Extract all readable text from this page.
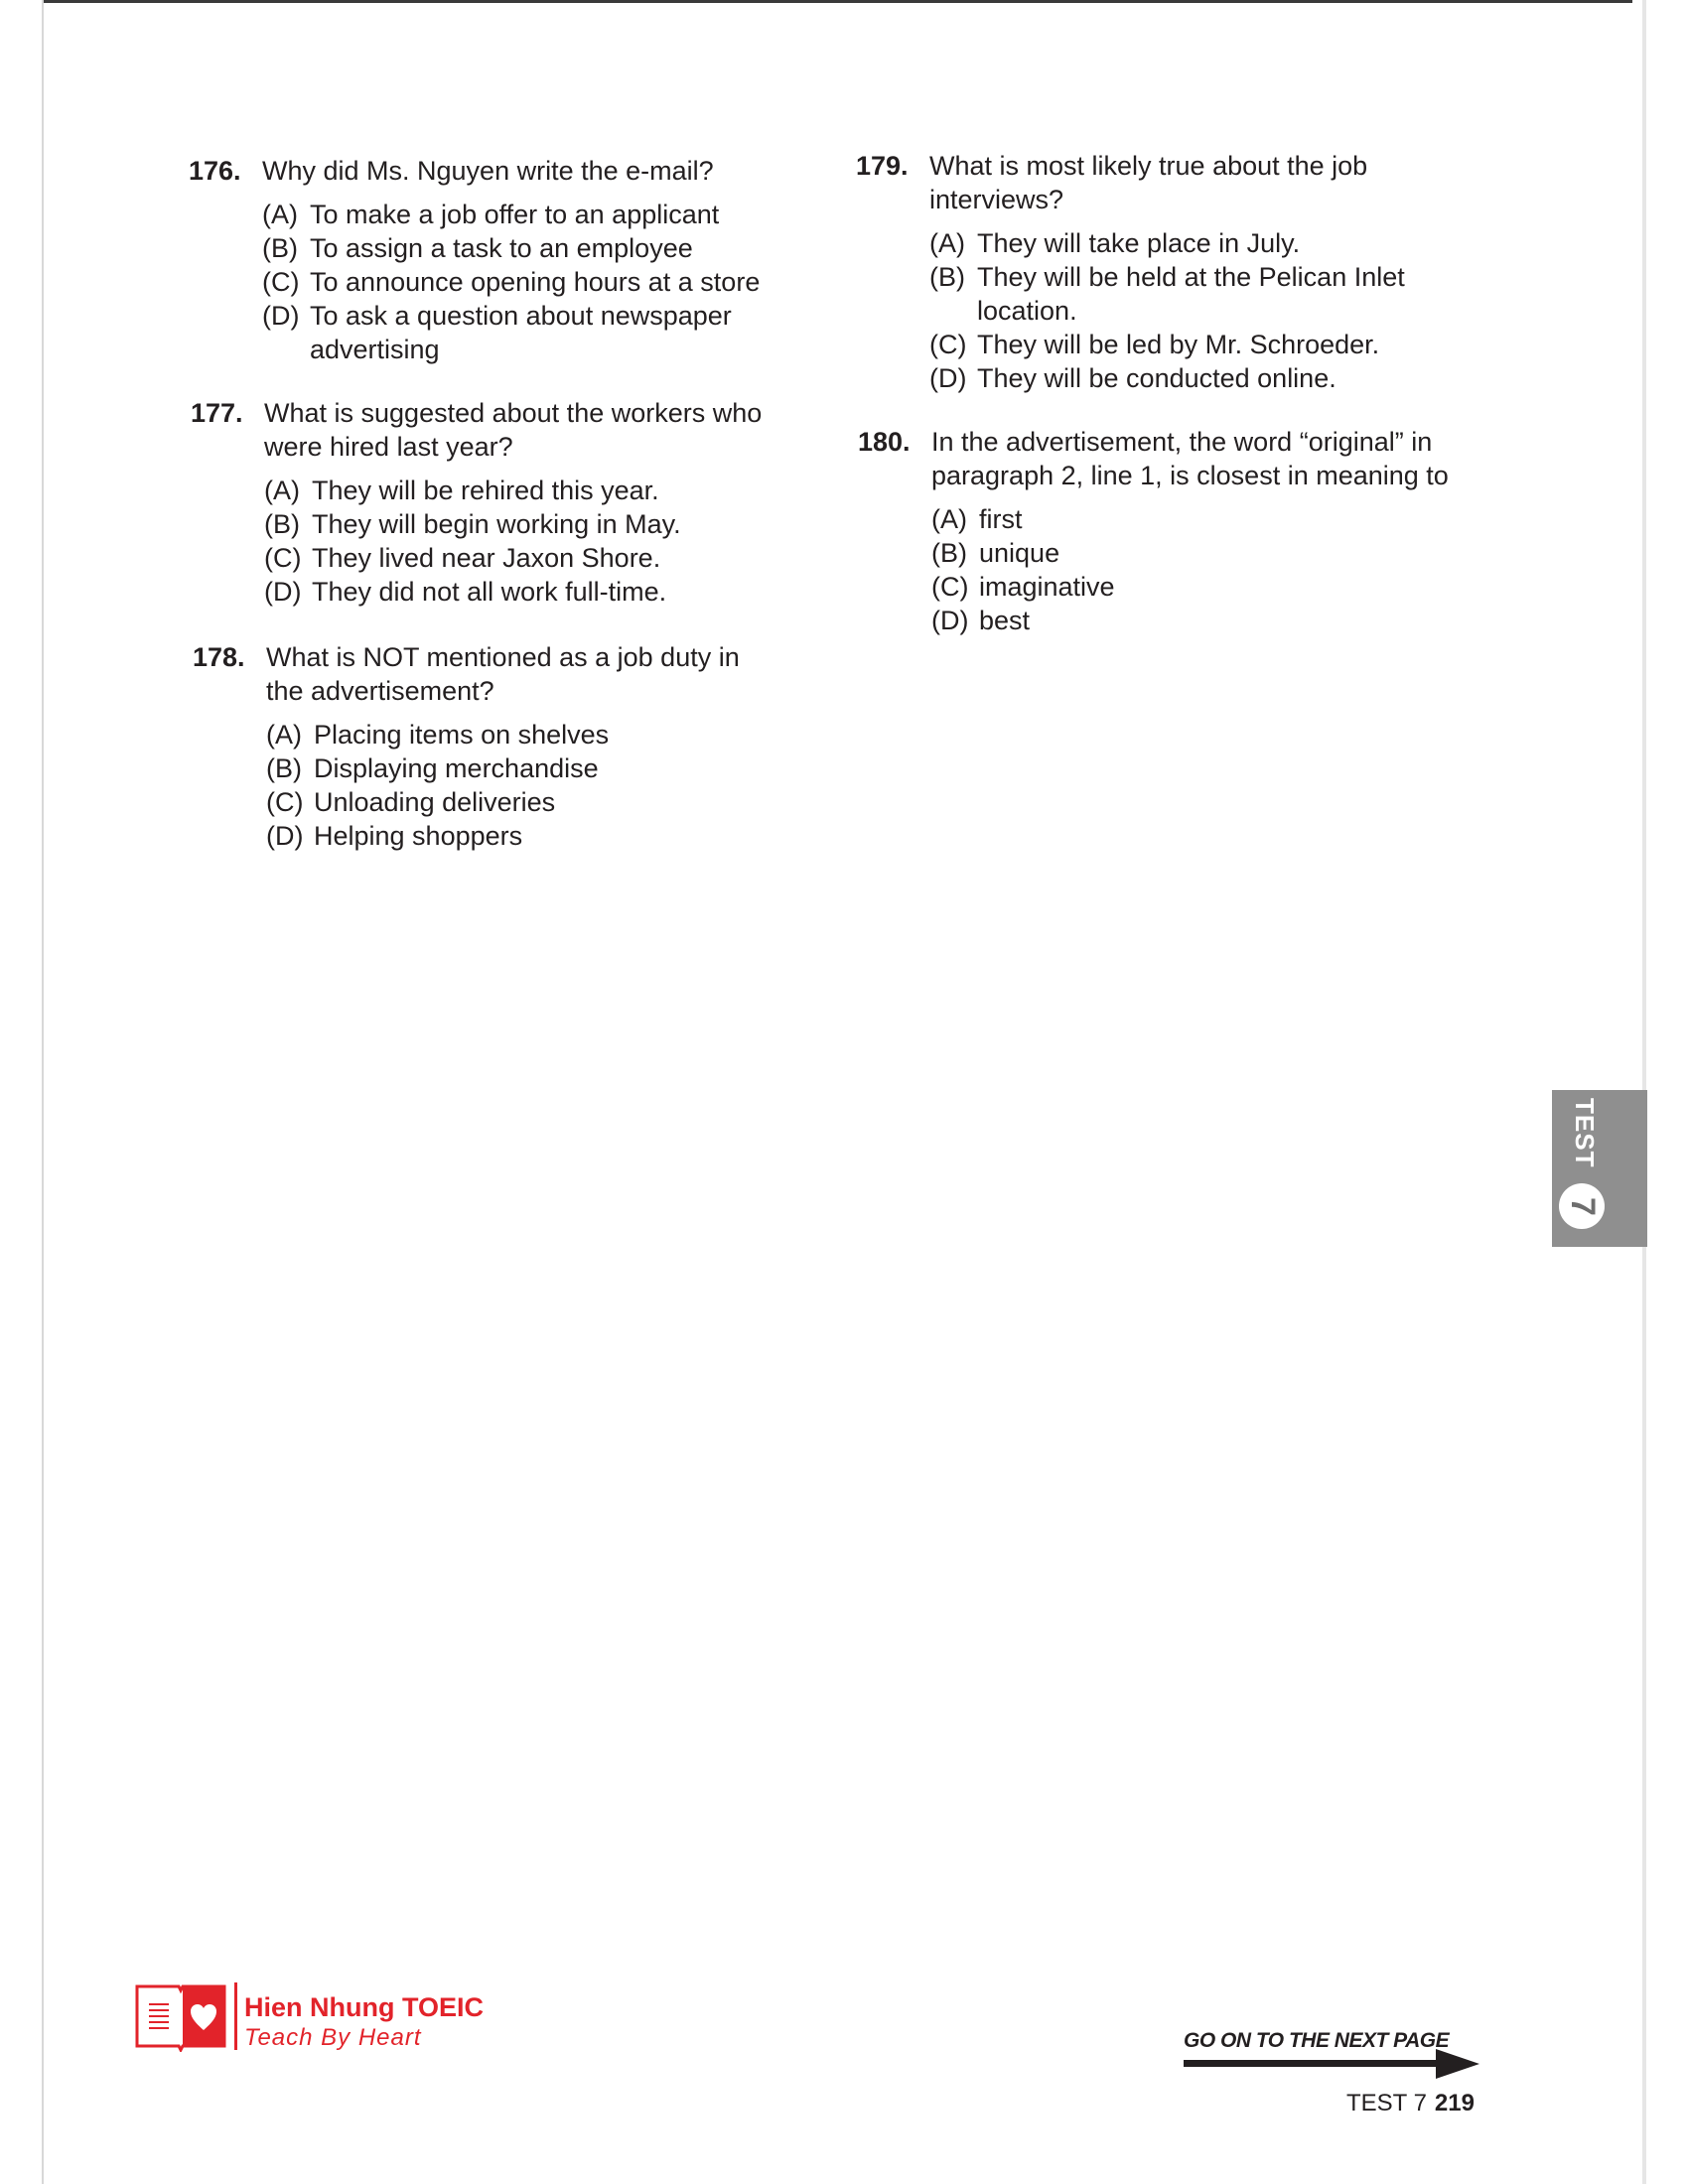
176. Why did Ms. Nguyen write the e-mail?
(A) To make a job offer to an applicant
(B) To assign a task to an employee
(C) To announce opening hours at a store
(D) To ask a question about newspaper advertising
177. What is suggested about the workers who were hired last year?
(A) They will be rehired this year.
(B) They will begin working in May.
(C) They lived near Jaxon Shore.
(D) They did not all work full-time.
178. What is NOT mentioned as a job duty in the advertisement?
(A) Placing items on shelves
(B) Displaying merchandise
(C) Unloading deliveries
(D) Helping shoppers
179. What is most likely true about the job interviews?
(A) They will take place in July.
(B) They will be held at the Pelican Inlet location.
(C) They will be led by Mr. Schroeder.
(D) They will be conducted online.
180. In the advertisement, the word “original” in paragraph 2, line 1, is closest in meaning to
(A) first
(B) unique
(C) imaginative
(D) best
TEST
7
Hien Nhung TOEIC
Teach By Heart	GO ON TO THE NEXT PAGE
TEST 7 219
